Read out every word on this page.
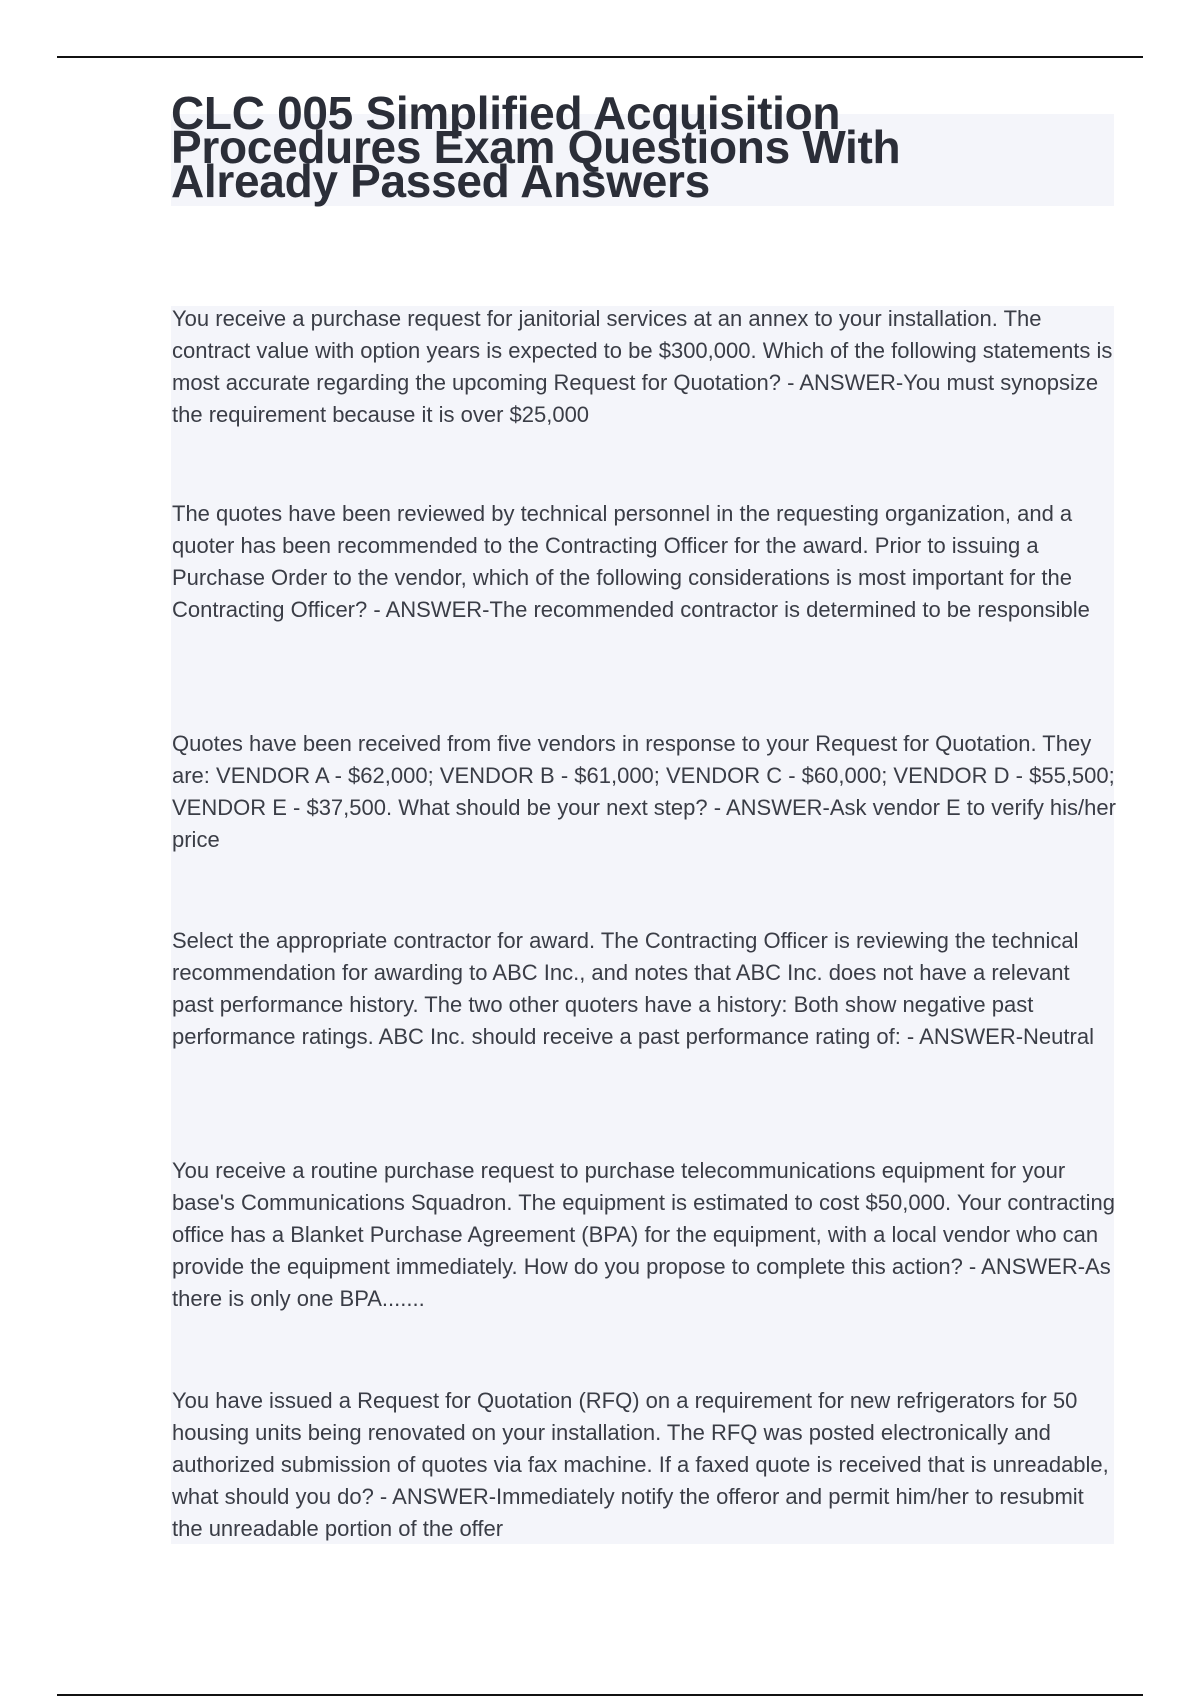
CLC 005 Simplified Acquisition Procedures Exam Questions With Already Passed Answers

You receive a purchase request for janitorial services at an annex to your installation. The contract value with option years is expected to be $300,000. Which of the following statements is most accurate regarding the upcoming Request for Quotation? - ANSWER-You must synopsize the requirement because it is over $25,000

The quotes have been reviewed by technical personnel in the requesting organization, and a quoter has been recommended to the Contracting Officer for the award. Prior to issuing a Purchase Order to the vendor, which of the following considerations is most important for the Contracting Officer? - ANSWER-The recommended contractor is determined to be responsible

Quotes have been received from five vendors in response to your Request for Quotation. They are: VENDOR A - $62,000; VENDOR B - $61,000; VENDOR C - $60,000; VENDOR D - $55,500; VENDOR E - $37,500. What should be your next step? - ANSWER-Ask vendor E to verify his/her price

Select the appropriate contractor for award. The Contracting Officer is reviewing the technical recommendation for awarding to ABC Inc., and notes that ABC Inc. does not have a relevant past performance history. The two other quoters have a history: Both show negative past performance ratings. ABC Inc. should receive a past performance rating of: - ANSWER-Neutral

You receive a routine purchase request to purchase telecommunications equipment for your base's Communications Squadron. The equipment is estimated to cost $50,000. Your contracting office has a Blanket Purchase Agreement (BPA) for the equipment, with a local vendor who can provide the equipment immediately. How do you propose to complete this action? - ANSWER-As there is only one BPA.......

You have issued a Request for Quotation (RFQ) on a requirement for new refrigerators for 50 housing units being renovated on your installation. The RFQ was posted electronically and authorized submission of quotes via fax machine. If a faxed quote is received that is unreadable, what should you do? - ANSWER-Immediately notify the offeror and permit him/her to resubmit the unreadable portion of the offer
